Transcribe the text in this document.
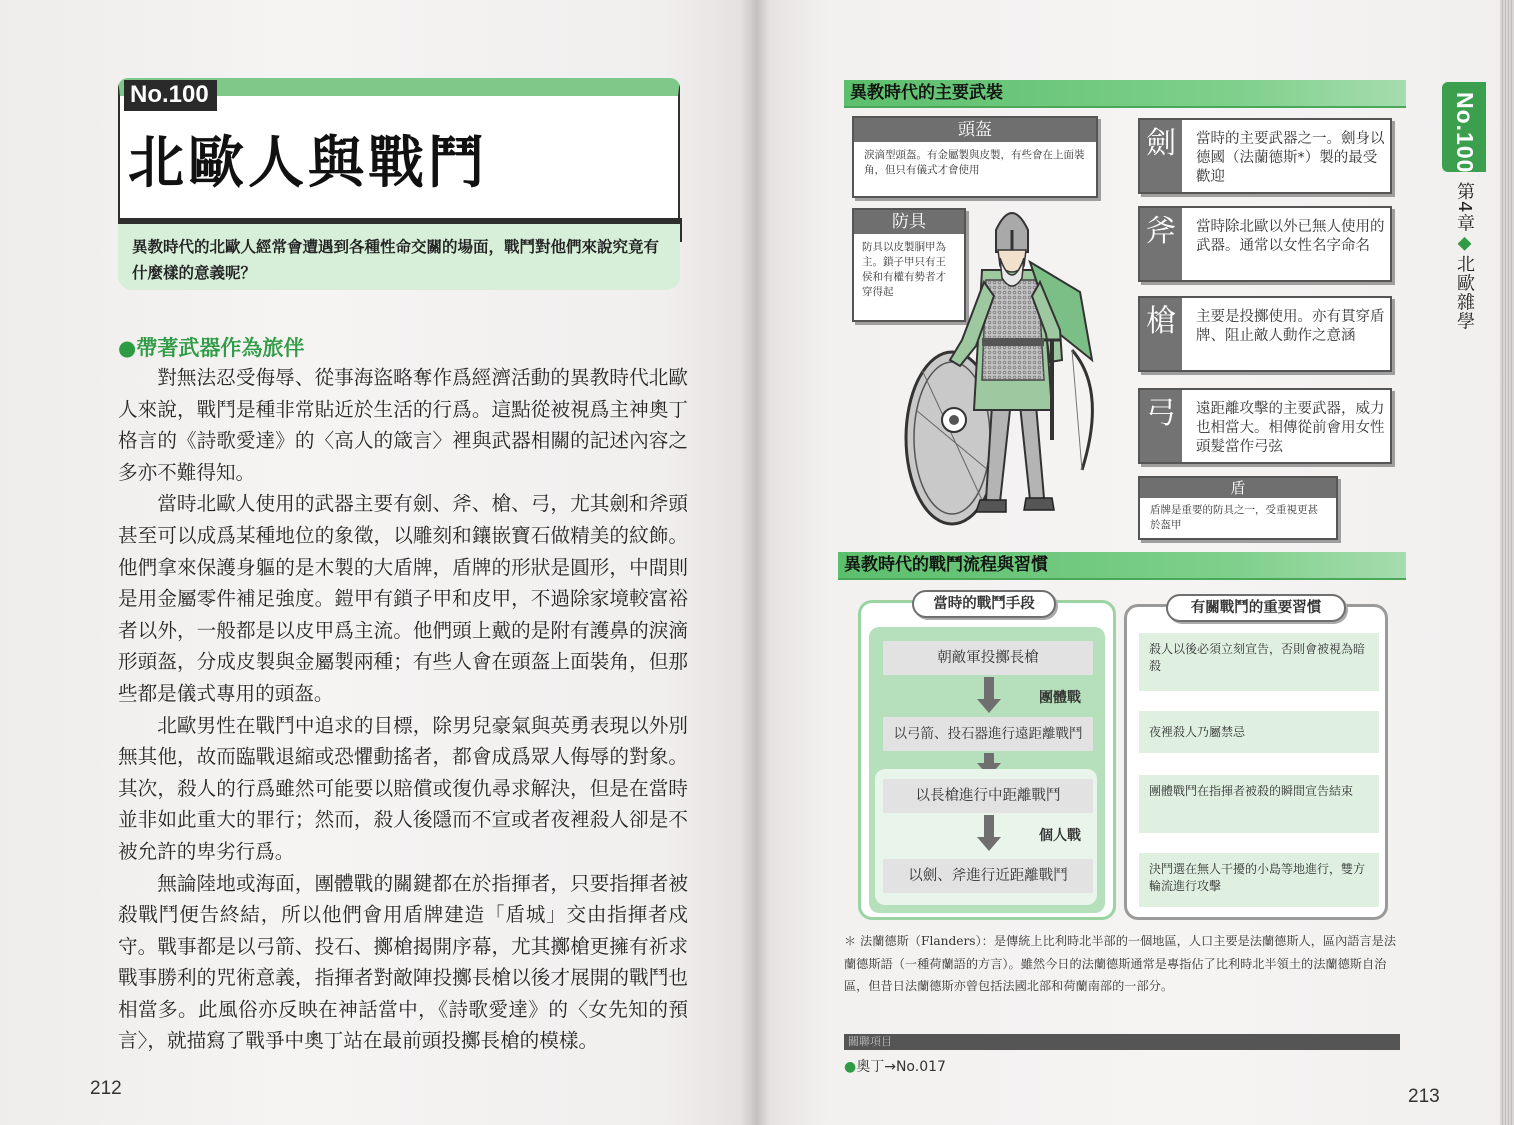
No.100
北歐人與戰鬥
異教時代的北歐人經常會遭遇到各種性命交關的場面，戰鬥對他們來說究竟有什麼樣的意義呢？
●帶著武器作為旅伴

對無法忍受侮辱、從事海盜略奪作爲經濟活動的異教時代北歐人來說，戰鬥是種非常貼近於生活的行爲。這點從被視爲主神奧丁格言的《詩歌愛達》的〈高人的箴言〉裡與武器相關的記述內容之多亦不難得知。

當時北歐人使用的武器主要有劍、斧、槍、弓，尤其劍和斧頭甚至可以成爲某種地位的象徵，以雕刻和鑲嵌寶石做精美的紋飾。他們拿來保護身軀的是木製的大盾牌，盾牌的形狀是圓形，中間則是用金屬零件補足強度。鎧甲有鎖子甲和皮甲，不過除家境較富裕者以外，一般都是以皮甲爲主流。他們頭上戴的是附有護鼻的淚滴形頭盔，分成皮製與金屬製兩種；有些人會在頭盔上面裝角，但那些都是儀式專用的頭盔。

北歐男性在戰鬥中追求的目標，除男兒豪氣與英勇表現以外別無其他，故而臨戰退縮或恐懼動搖者，都會成爲眾人侮辱的對象。其次，殺人的行爲雖然可能要以賠償或復仇尋求解決，但是在當時並非如此重大的罪行；然而，殺人後隱而不宣或者夜裡殺人卻是不被允許的卑劣行爲。

無論陸地或海面，團體戰的關鍵都在於指揮者，只要指揮者被殺戰鬥便告終結，所以他們會用盾牌建造「盾城」交由指揮者戍守。戰事都是以弓箭、投石、擲槍揭開序幕，尤其擲槍更擁有祈求戰事勝利的咒術意義，指揮者對敵陣投擲長槍以後才展開的戰鬥也相當多。此風俗亦反映在神話當中，《詩歌愛達》的〈女先知的預言〉，就描寫了戰爭中奧丁站在最前頭投擲長槍的模樣。

212
No.100
第4章◆北歐雜學
異教時代的主要武裝
頭盔
淚滴型頭盔。有金屬製與皮製，有些會在上面裝角，但只有儀式才會使用
防具
防具以皮製胴甲為主。鎖子甲只有王侯和有權有勢者才穿得起
劍	當時的主要武器之一。劍身以德國（法蘭德斯*）製的最受歡迎
斧	當時除北歐以外已無人使用的武器。通常以女性名字命名
槍	主要是投擲使用。亦有貫穿盾牌、阻止敵人動作之意涵
弓	遠距離攻擊的主要武器，威力也相當大。相傳從前會用女性頭髮當作弓弦
盾
盾牌是重要的防具之一，受重視更甚於盔甲
異教時代的戰鬥流程與習慣
朝敵軍投擲長槍
團體戰
以弓箭、投石器進行遠距離戰鬥
以長槍進行中距離戰鬥
個人戰
以劍、斧進行近距離戰鬥
當時的戰鬥手段
殺人以後必須立刻宣告，否則會被視為暗殺
夜裡殺人乃屬禁忌
團體戰鬥在指揮者被殺的瞬間宣告結束
決鬥選在無人干擾的小島等地進行，雙方輪流進行攻擊
有關戰鬥的重要習慣
＊ 法蘭德斯（Flanders）：是傳統上比利時北半部的一個地區，人口主要是法蘭德斯人，區內語言是法蘭德斯語（一種荷蘭語的方言）。雖然今日的法蘭德斯通常是專指佔了比利時北半領土的法蘭德斯自治區，但昔日法蘭德斯亦曾包括法國北部和荷蘭南部的一部分。
關聯項目
●奧丁→No.017
213
